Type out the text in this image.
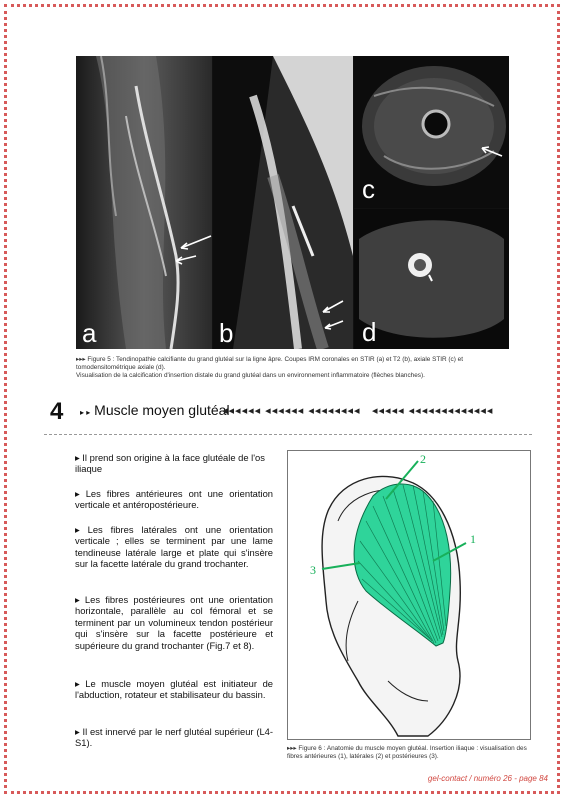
a	b
c
d

▸▸▸ Figure 5 : Tendinopathie calcifiante du grand glutéal sur la ligne âpre. Coupes IRM coronales en STIR (a) et T2 (b), axiale STIR (c) et tomodensitométrique axiale (d).

Visualisation de la calcification d'insertion distale du grand glutéal dans un environnement inflammatoire (flèches blanches).

4 ▸ ▸ Muscle moyen glutéal
◂◂◂◂◂◂ ◂◂◂◂◂◂ ◂◂◂◂◂◂◂◂ ◂◂◂◂◂ ◂◂◂◂◂◂◂◂◂◂◂◂◂

▸ Il prend son origine à la face glutéale de l'os iliaque

▸ Les fibres antérieures ont une orientation verticale et antéropostérieure.

▸ Les fibres latérales ont une orientation verticale ; elles se terminent par une lame tendineuse latérale large et plate qui s'insère sur la facette latérale du grand trochanter.

▸ Les fibres postérieures ont une orientation horizontale, parallèle au col fémoral et se terminent par un volumineux tendon postérieur qui s'insère sur la facette postérieure et supérieure du grand trochanter (Fig.7 et 8).

▸ Le muscle moyen glutéal est initiateur de l'abduction, rotateur et stabilisateur du bassin.

▸ Il est innervé par le nerf glutéal supérieur (L4-S1).

2
1
3
▸▸▸ Figure 6 : Anatomie du muscle moyen glutéal. Insertion iliaque : visualisation des fibres antérieures (1), latérales (2) et postérieures (3).
gel-contact / numéro 26 - page 84
